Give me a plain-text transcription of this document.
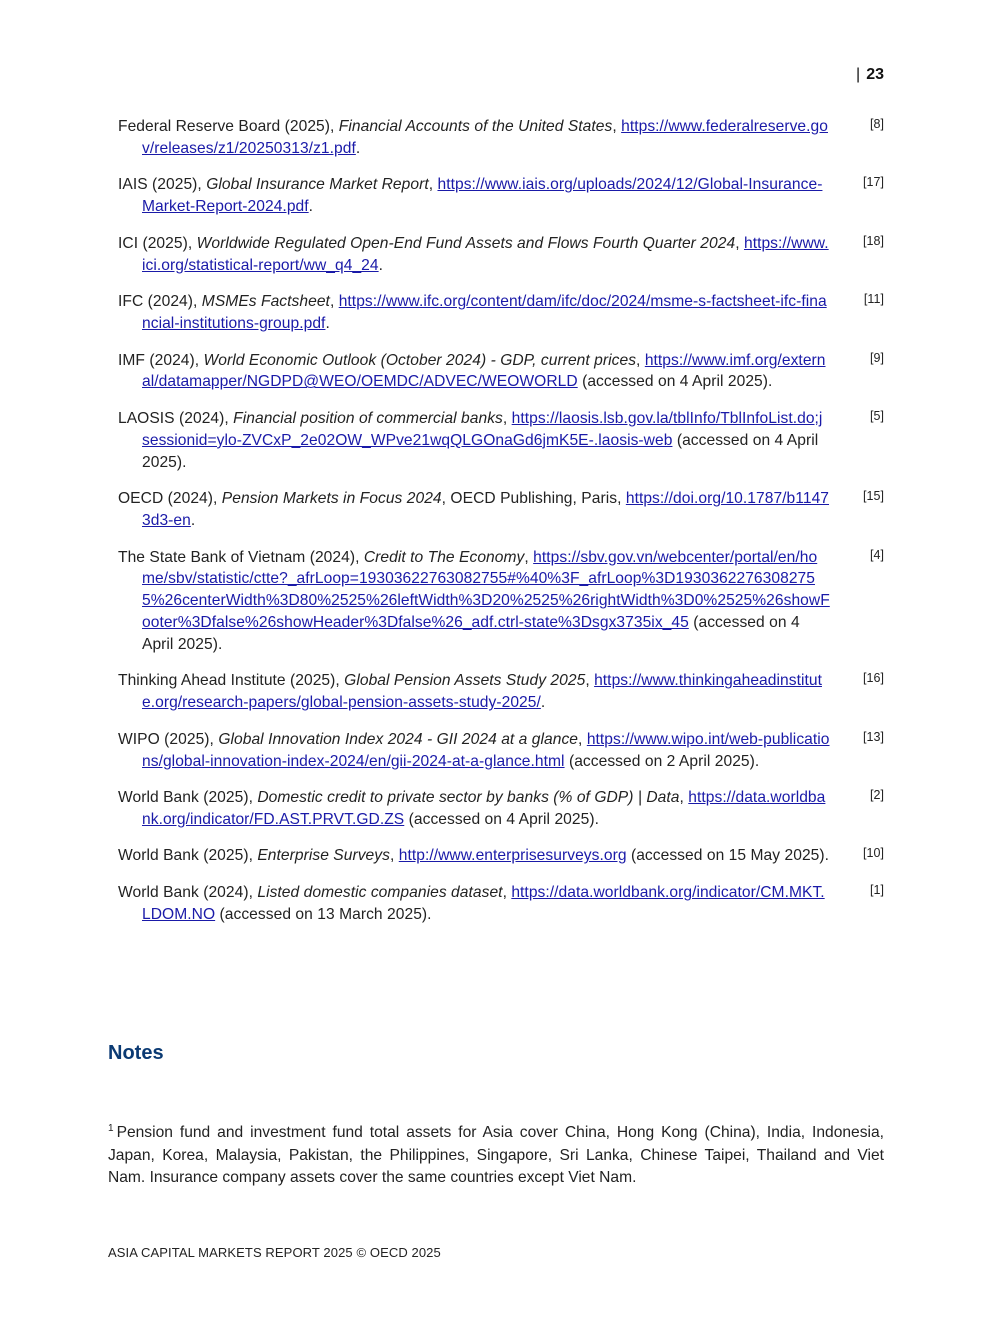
| 23
Federal Reserve Board (2025), Financial Accounts of the United States, https://www.federalreserve.gov/releases/z1/20250313/z1.pdf.
[8]
IAIS (2025), Global Insurance Market Report, https://www.iais.org/uploads/2024/12/Global-Insurance-Market-Report-2024.pdf.
[17]
ICI (2025), Worldwide Regulated Open-End Fund Assets and Flows Fourth Quarter 2024, https://www.ici.org/statistical-report/ww_q4_24.
[18]
IFC (2024), MSMEs Factsheet, https://www.ifc.org/content/dam/ifc/doc/2024/msme-s-factsheet-ifc-financial-institutions-group.pdf.
[11]
IMF (2024), World Economic Outlook (October 2024) - GDP, current prices, https://www.imf.org/external/datamapper/NGDPD@WEO/OEMDC/ADVEC/WEOWORLD (accessed on 4 April 2025).
[9]
LAOSIS (2024), Financial position of commercial banks, https://laosis.lsb.gov.la/tblInfo/TblInfoList.do;jsessionid=ylo-ZVCxP_2e02OW_WPve21wqQLGOnaGd6jmK5E-.laosis-web (accessed on 4 April 2025).
[5]
OECD (2024), Pension Markets in Focus 2024, OECD Publishing, Paris, https://doi.org/10.1787/b11473d3-en.
[15]
The State Bank of Vietnam (2024), Credit to The Economy, https://sbv.gov.vn/webcenter/portal/en/home/sbv/statistic/ctte?_afrLoop=19303622763082755#%40%3F_afrLoop%3D19303622763082755%26centerWidth%3D80%2525%26leftWidth%3D20%2525%26rightWidth%3D0%2525%26showFooter%3Dfalse%26showHeader%3Dfalse%26_adf.ctrl-state%3Dsgx3735ix_45 (accessed on 4 April 2025).
[4]
Thinking Ahead Institute (2025), Global Pension Assets Study 2025, https://www.thinkingaheadinstitute.org/research-papers/global-pension-assets-study-2025/.
[16]
WIPO (2025), Global Innovation Index 2024 - GII 2024 at a glance, https://www.wipo.int/web-publications/global-innovation-index-2024/en/gii-2024-at-a-glance.html (accessed on 2 April 2025).
[13]
World Bank (2025), Domestic credit to private sector by banks (% of GDP) | Data, https://data.worldbank.org/indicator/FD.AST.PRVT.GD.ZS (accessed on 4 April 2025).
[2]
World Bank (2025), Enterprise Surveys, http://www.enterprisesurveys.org (accessed on 15 May 2025).	[10]
World Bank (2024), Listed domestic companies dataset, https://data.worldbank.org/indicator/CM.MKT.LDOM.NO (accessed on 13 March 2025).
[1]
Notes
$^1$ Pension fund and investment fund total assets for Asia cover China, Hong Kong (China), India, Indonesia, Japan, Korea, Malaysia, Pakistan, the Philippines, Singapore, Sri Lanka, Chinese Taipei, Thailand and Viet Nam. Insurance company assets cover the same countries except Viet Nam.
ASIA CAPITAL MARKETS REPORT 2025 © OECD 2025
